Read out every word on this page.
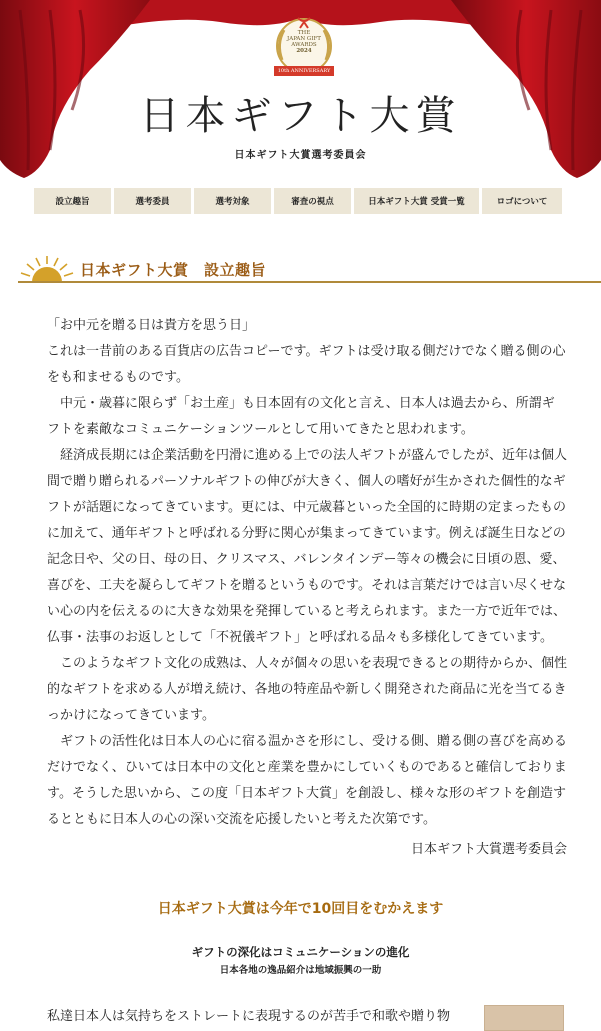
THE
JAPAN GIFT
AWARDS
2024
10th ANNIVERSARY
日本ギフト大賞
日本ギフト大賞選考委員会
設立趣旨	選考委員	選考対象	審査の視点	日本ギフト大賞 受賞一覧	ロゴについて
日本ギフト大賞　設立趣旨

「お中元を贈る日は貴方を思う日」

これは一昔前のある百貨店の広告コピーです。ギフトは受け取る側だけでなく贈る側の心をも和ませるものです。

中元・歳暮に限らず「お土産」も日本固有の文化と言え、日本人は過去から、所謂ギフトを素敵なコミュニケーションツールとして用いてきたと思われます。

経済成長期には企業活動を円滑に進める上での法人ギフトが盛んでしたが、近年は個人間で贈り贈られるパーソナルギフトの伸びが大きく、個人の嗜好が生かされた個性的なギフトが話題になってきています。更には、中元歳暮といった全国的に時期の定まったものに加えて、通年ギフトと呼ばれる分野に関心が集まってきています。例えば誕生日などの記念日や、父の日、母の日、クリスマス、バレンタインデー等々の機会に日頃の恩、愛、喜びを、工夫を凝らしてギフトを贈るというものです。それは言葉だけでは言い尽くせない心の内を伝えるのに大きな効果を発揮していると考えられます。また一方で近年では、仏事・法事のお返しとして「不祝儀ギフト」と呼ばれる品々も多様化してきています。

このようなギフト文化の成熟は、人々が個々の思いを表現できるとの期待からか、個性的なギフトを求める人が増え続け、各地の特産品や新しく開発された商品に光を当てるきっかけになってきています。

ギフトの活性化は日本人の心に宿る温かさを形にし、受ける側、贈る側の喜びを高めるだけでなく、ひいては日本中の文化と産業を豊かにしていくものであると確信しております。そうした思いから、この度「日本ギフト大賞」を創設し、様々な形のギフトを創造するとともに日本人の心の深い交流を応援したいと考えた次第です。

日本ギフト大賞選考委員会

日本ギフト大賞は今年で10回目をむかえます
ギフトの深化はコミュニケーションの進化
日本各地の逸品紹介は地域振興の一助
私達日本人は気持ちをストレートに表現するのが苦手で和歌や贈り物
